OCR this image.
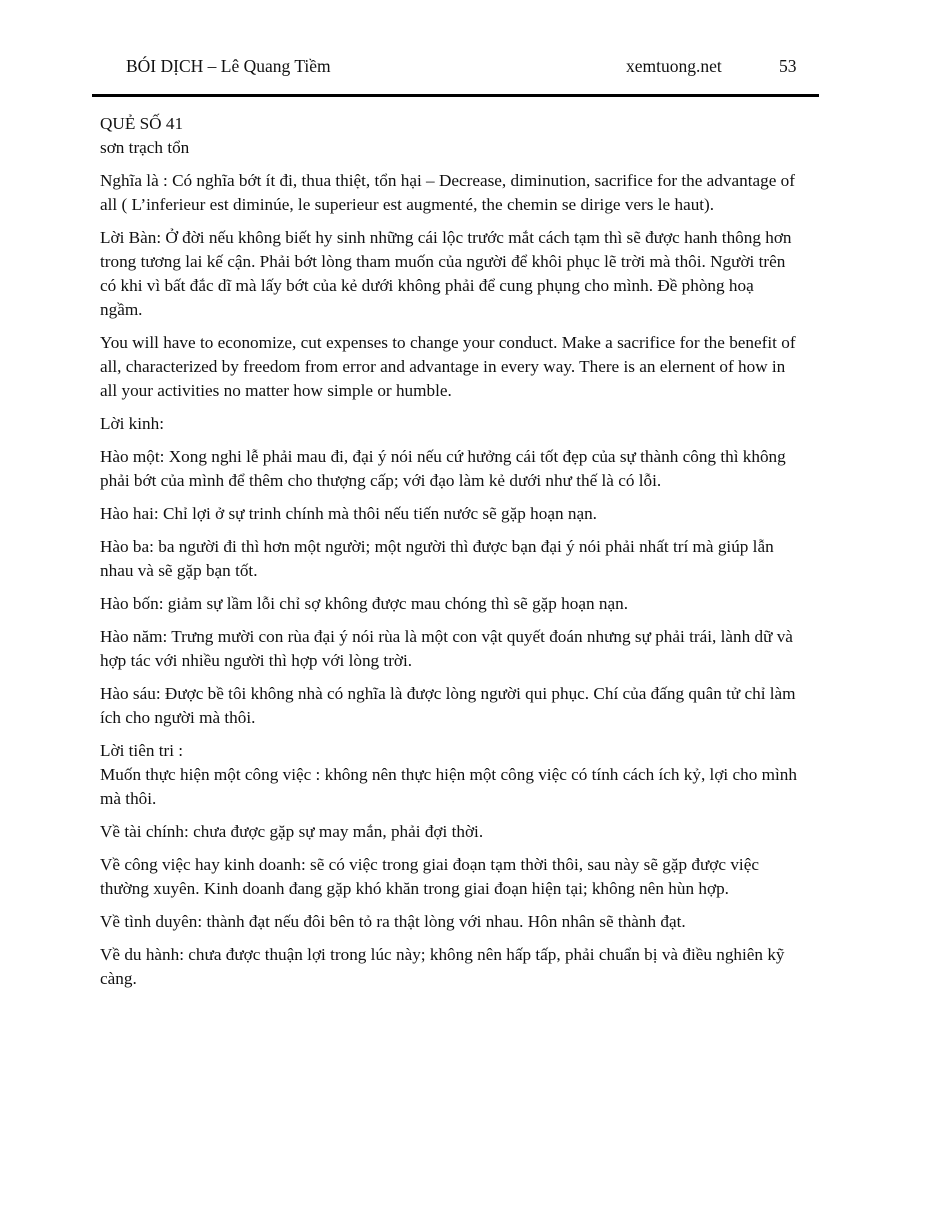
BÓI DỊCH – Lê Quang Tiềm	xemtuong.net	53

QUẺ SỐ 41

sơn trạch tổn

Nghĩa là : Có nghĩa bớt ít đi, thua thiệt, tổn hại – Decrease, diminution, sacrifice for the advantage of all ( L’inferieur est diminúe, le superieur est augmenté, the chemin se dirige vers le haut).

Lời Bàn: Ở đời nếu không biết hy sinh những cái lộc trước mắt cách tạm thì sẽ được hanh thông hơn trong tương lai kế cận. Phải bớt lòng tham muốn của người để khôi phục lẽ trời mà thôi. Người trên có khi vì bất đắc dĩ mà lấy bớt của kẻ dưới không phải để cung phụng cho mình. Đề phòng hoạ ngầm.

You will have to economize, cut expenses to change your conduct. Make a sacrifice for the benefit of all, characterized by freedom from error and advantage in every way. There is an elernent of how in all your activities no matter how simple or humble.

Lời kinh:

Hào một: Xong nghi lễ phải mau đi, đại ý nói nếu cứ hưởng cái tốt đẹp của sự thành công thì không phải bớt của mình để thêm cho thượng cấp; với đạo làm kẻ dưới như thế là có lỗi.

Hào hai: Chỉ lợi ở sự trinh chính mà thôi nếu tiến nước sẽ gặp hoạn nạn.

Hào ba: ba người đi thì hơn một người; một người thì được bạn đại ý nói phải nhất trí mà giúp lẫn nhau và sẽ gặp bạn tốt.

Hào bốn: giảm sự lầm lỗi chỉ sợ không được mau chóng thì sẽ gặp hoạn nạn.

Hào năm: Trưng mười con rùa đại ý nói rùa là một con vật quyết đoán nhưng sự phải trái, lành dữ và hợp tác với nhiều người thì hợp với lòng trời.

Hào sáu: Được bề tôi không nhà có nghĩa là được lòng người qui phục. Chí của đấng quân tử chỉ làm ích cho người mà thôi.

Lời tiên tri :

Muốn thực hiện một công việc : không nên thực hiện một công việc có tính cách ích kỷ, lợi cho mình mà thôi.

Về tài chính: chưa được gặp sự may mắn, phải đợi thời.

Về công việc hay kinh doanh: sẽ có việc trong giai đoạn tạm thời thôi, sau này sẽ gặp được việc thường xuyên. Kinh doanh đang gặp khó khăn trong giai đoạn hiện tại; không nên hùn hợp.

Về tình duyên: thành đạt nếu đôi bên tỏ ra thật lòng với nhau. Hôn nhân sẽ thành đạt.

Về du hành: chưa được thuận lợi trong lúc này; không nên hấp tấp, phải chuẩn bị và điều nghiên kỹ càng.
